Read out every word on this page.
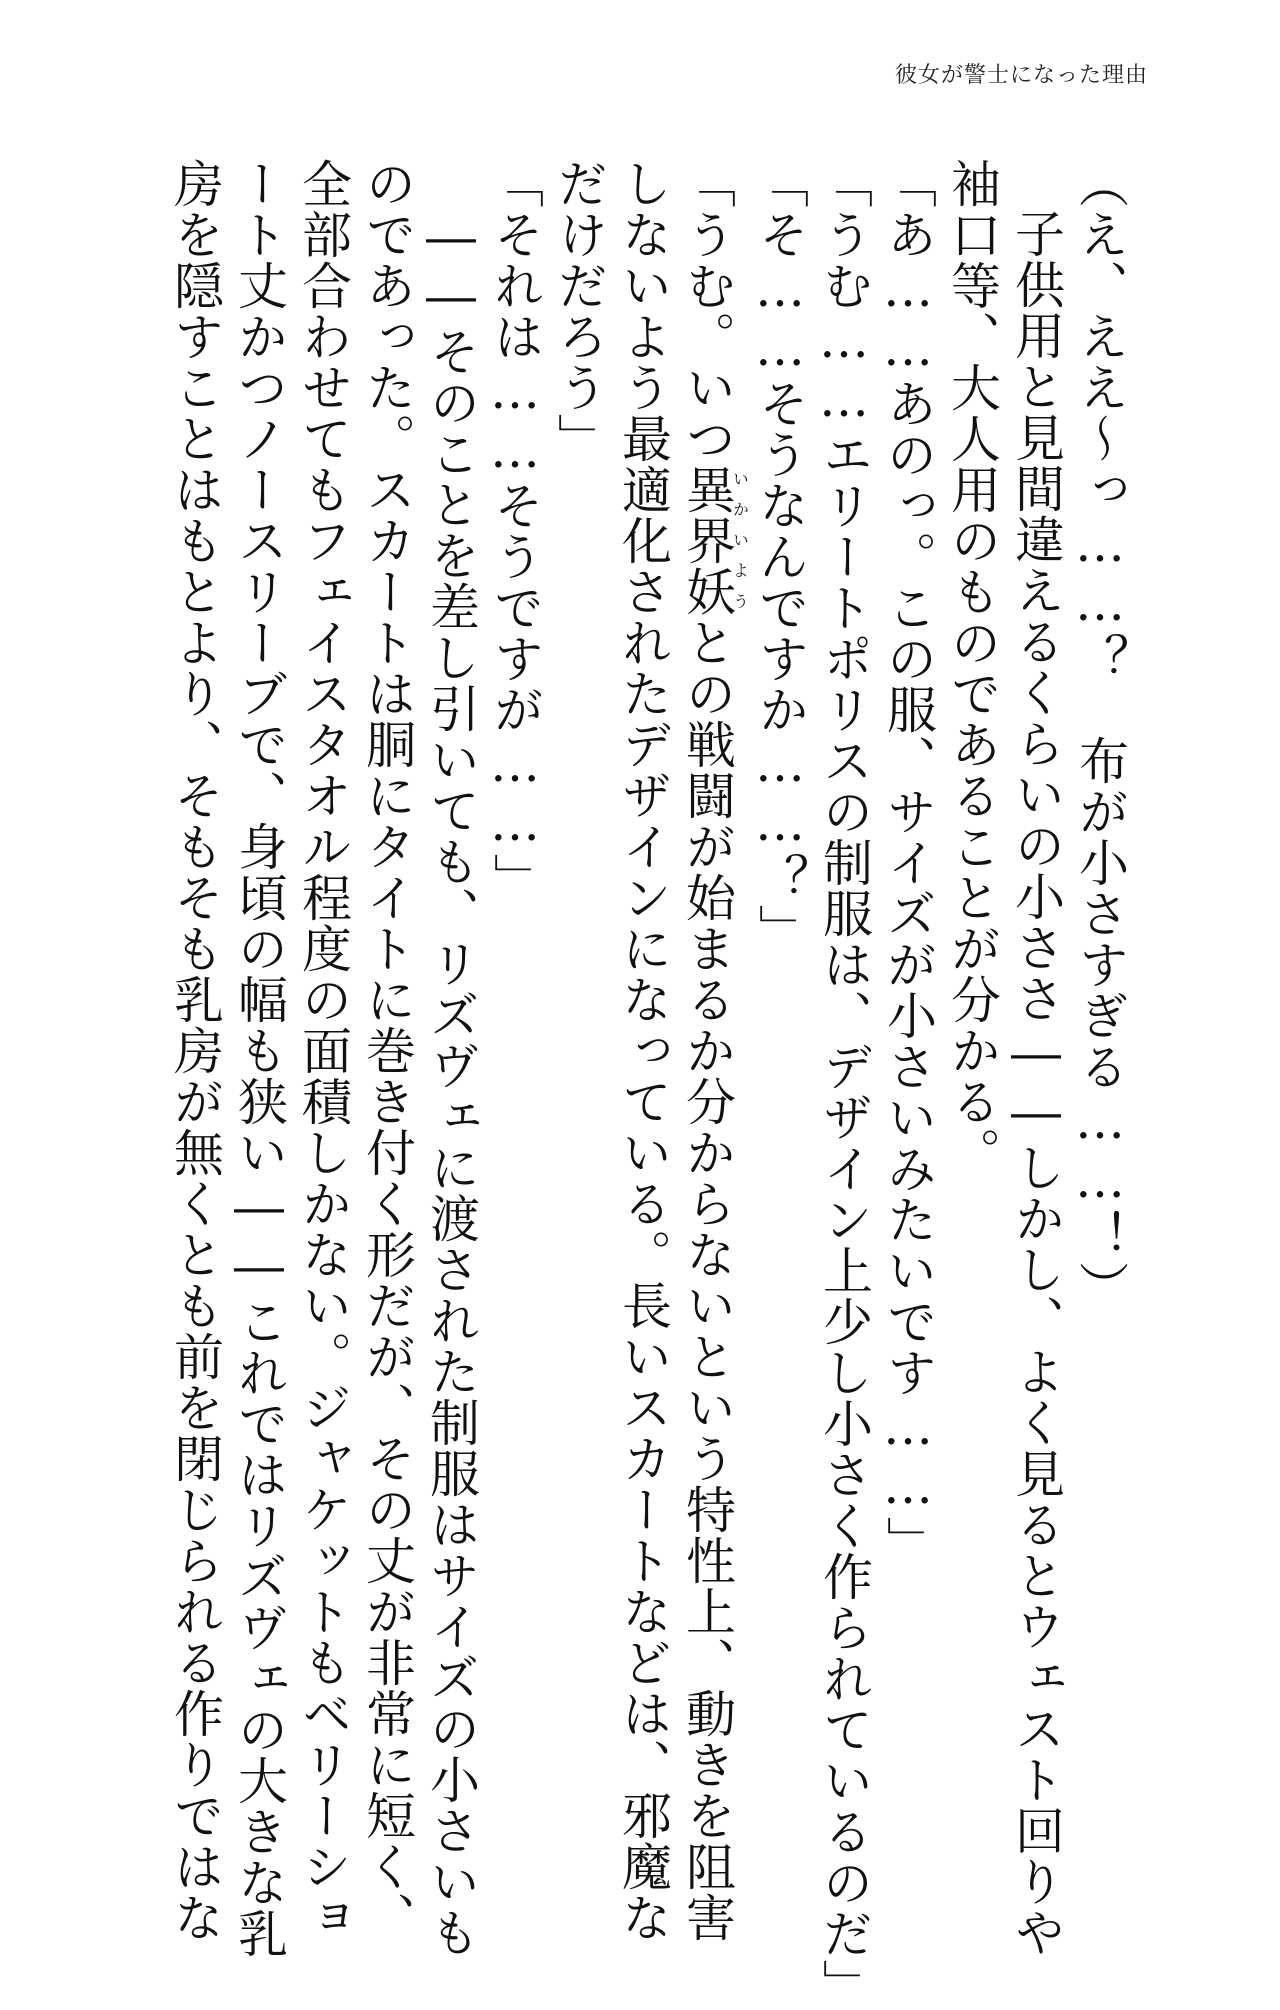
彼女が警士になった理由

（え、ええ〜っ……？　布が小さすぎる……！）

子供用と見間違えるくらいの小ささ――しかし、よく見るとウェスト回りや

袖口等、大人用のものであることが分かる。

「あ……あのっ。この服、サイズが小さいみたいです……」

「うむ……エリートポリスの制服は、デザイン上少し小さく作られているのだ」

「そ……そうなんですか……？」

「うむ。いつ異界妖いかいようとの戦闘が始まるか分からないという特性上、動きを阻害

しないよう最適化されたデザインになっている。長いスカートなどは、邪魔な

だけだろう」

「それは……そうですが……」

――そのことを差し引いても、リズヴェに渡された制服はサイズの小さいも

のであった。スカートは胴にタイトに巻き付く形だが、その丈が非常に短く、

全部合わせてもフェイスタオル程度の面積しかない。ジャケットもベリーショ

ート丈かつノースリーブで、身頃の幅も狭い――これではリズヴェの大きな乳

房を隠すことはもとより、そもそも乳房が無くとも前を閉じられる作りではな
